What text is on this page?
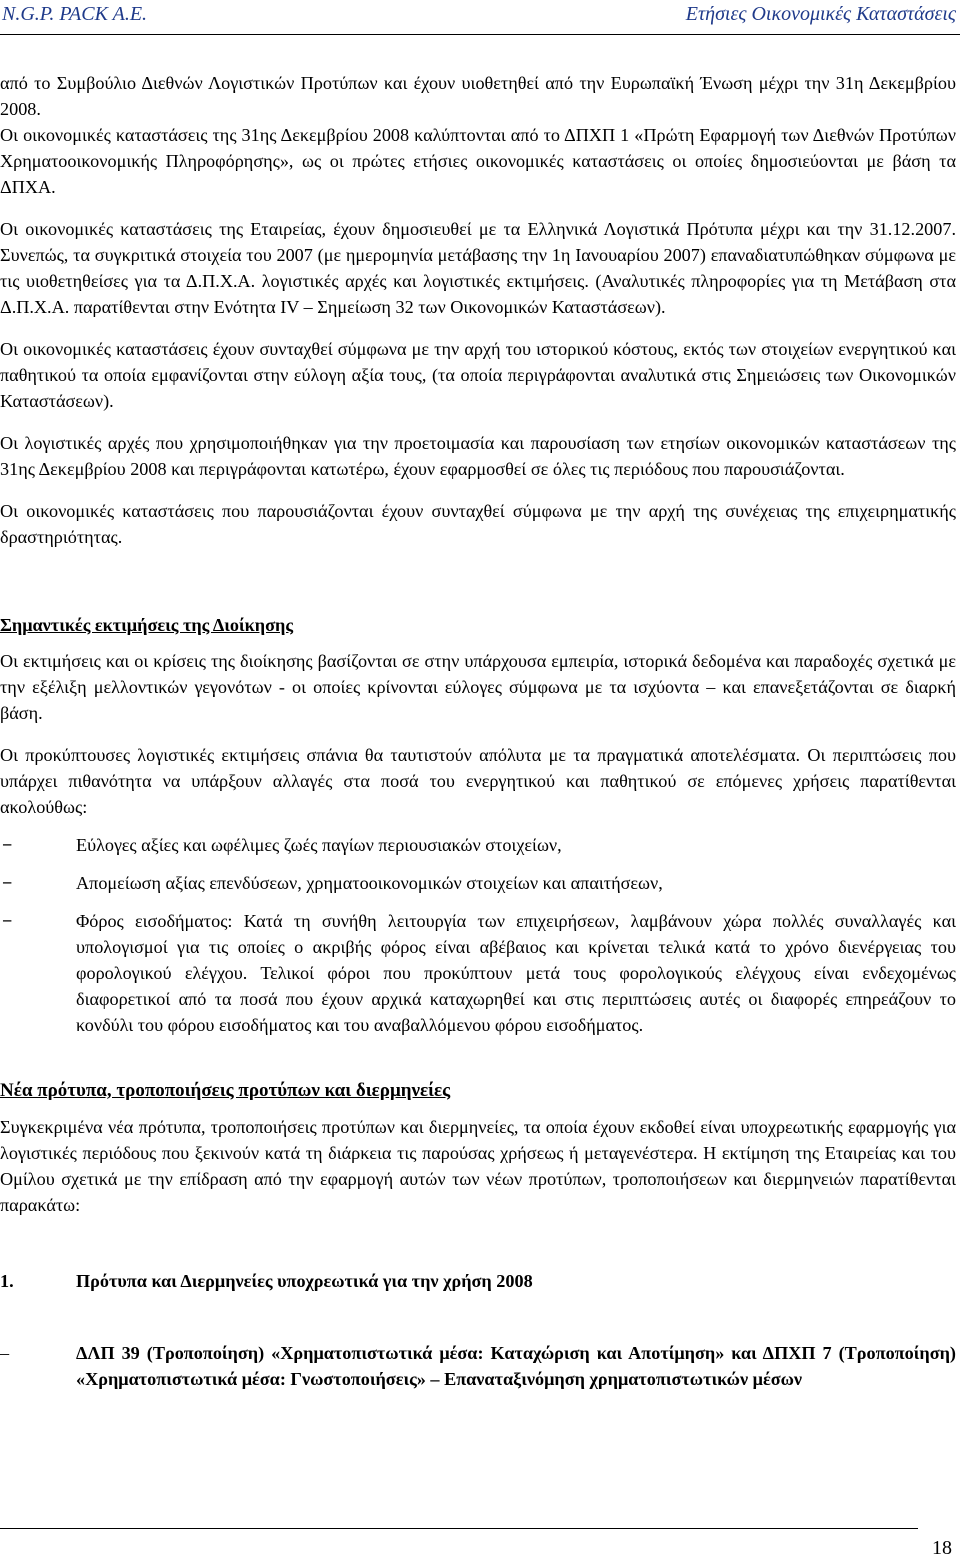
N.G.P. PACK A.E.	Ετήσιες Οικονομικές Καταστάσεις

από το Συμβούλιο Διεθνών Λογιστικών Προτύπων και έχουν υιοθετηθεί από την Ευρωπαϊκή Ένωση μέχρι την 31η Δεκεμβρίου 2008.

Οι οικονομικές καταστάσεις της 31ης Δεκεμβρίου 2008 καλύπτονται από το ΔΠΧΠ 1 «Πρώτη Εφαρμογή των Διεθνών Προτύπων Χρηματοοικονομικής Πληροφόρησης», ως οι πρώτες ετήσιες οικονομικές καταστάσεις οι οποίες δημοσιεύονται με βάση τα ΔΠΧΑ.

Οι οικονομικές καταστάσεις της Εταιρείας, έχουν δημοσιευθεί με τα Ελληνικά Λογιστικά Πρότυπα μέχρι και την 31.12.2007. Συνεπώς, τα συγκριτικά στοιχεία του 2007 (με ημερομηνία μετάβασης την 1η Ιανουαρίου 2007) επαναδιατυπώθηκαν σύμφωνα με τις υιοθετηθείσες για τα Δ.Π.Χ.Α. λογιστικές αρχές και λογιστικές εκτιμήσεις. (Αναλυτικές πληροφορίες για τη Μετάβαση στα Δ.Π.Χ.Α. παρατίθενται στην Ενότητα IV – Σημείωση 32 των Οικονομικών Καταστάσεων).

Οι οικονομικές καταστάσεις έχουν συνταχθεί σύμφωνα με την αρχή του ιστορικού κόστους, εκτός των στοιχείων ενεργητικού και παθητικού τα οποία εμφανίζονται στην εύλογη αξία τους, (τα οποία περιγράφονται αναλυτικά στις Σημειώσεις των Οικονομικών Καταστάσεων).

Οι λογιστικές αρχές που χρησιμοποιήθηκαν για την προετοιμασία και παρουσίαση των ετησίων οικονομικών καταστάσεων της 31ης Δεκεμβρίου 2008 και περιγράφονται κατωτέρω, έχουν εφαρμοσθεί σε όλες τις περιόδους που παρουσιάζονται.

Οι οικονομικές καταστάσεις που παρουσιάζονται έχουν συνταχθεί σύμφωνα με την αρχή της συνέχειας της επιχειρηματικής δραστηριότητας.

Σημαντικές εκτιμήσεις της Διοίκησης

Οι εκτιμήσεις και οι κρίσεις της διοίκησης βασίζονται σε στην υπάρχουσα εμπειρία, ιστορικά δεδομένα και παραδοχές σχετικά με την εξέλιξη μελλοντικών γεγονότων - οι οποίες κρίνονται εύλογες σύμφωνα με τα ισχύοντα – και επανεξετάζονται σε διαρκή βάση.

Οι προκύπτουσες λογιστικές εκτιμήσεις σπάνια θα ταυτιστούν απόλυτα με τα πραγματικά αποτελέσματα. Οι περιπτώσεις που υπάρχει πιθανότητα να υπάρξουν αλλαγές στα ποσά του ενεργητικού και παθητικού σε επόμενες χρήσεις παρατίθενται ακολούθως:

− Εύλογες αξίες και ωφέλιμες ζωές παγίων περιουσιακών στοιχείων,
− Απομείωση αξίας επενδύσεων, χρηματοοικονομικών στοιχείων και απαιτήσεων,
− Φόρος εισοδήματος: Κατά τη συνήθη λειτουργία των επιχειρήσεων, λαμβάνουν χώρα πολλές συναλλαγές και υπολογισμοί για τις οποίες ο ακριβής φόρος είναι αβέβαιος και κρίνεται τελικά κατά το χρόνο διενέργειας του φορολογικού ελέγχου. Τελικοί φόροι που προκύπτουν μετά τους φορολογικούς ελέγχους είναι ενδεχομένως διαφορετικοί από τα ποσά που έχουν αρχικά καταχωρηθεί και στις περιπτώσεις αυτές οι διαφορές επηρεάζουν το κονδύλι του φόρου εισοδήματος και του αναβαλλόμενου φόρου εισοδήματος.

Νέα πρότυπα, τροποποιήσεις προτύπων και διερμηνείες

Συγκεκριμένα νέα πρότυπα, τροποποιήσεις προτύπων και διερμηνείες, τα οποία έχουν εκδοθεί είναι υποχρεωτικής εφαρμογής για λογιστικές περιόδους που ξεκινούν κατά τη διάρκεια τις παρούσας χρήσεως ή μεταγενέστερα. Η εκτίμηση της Εταιρείας και του Ομίλου σχετικά με την επίδραση από την εφαρμογή αυτών των νέων προτύπων, τροποποιήσεων και διερμηνειών παρατίθενται παρακάτω:

1.	Πρότυπα και Διερμηνείες υποχρεωτικά για την χρήση 2008
–	ΔΛΠ 39 (Τροποποίηση) «Χρηματοπιστωτικά μέσα: Καταχώριση και Αποτίμηση» και ΔΠΧΠ 7 (Τροποποίηση) «Χρηματοπιστωτικά μέσα: Γνωστοποιήσεις» – Επαναταξινόμηση χρηματοπιστωτικών μέσων
18
